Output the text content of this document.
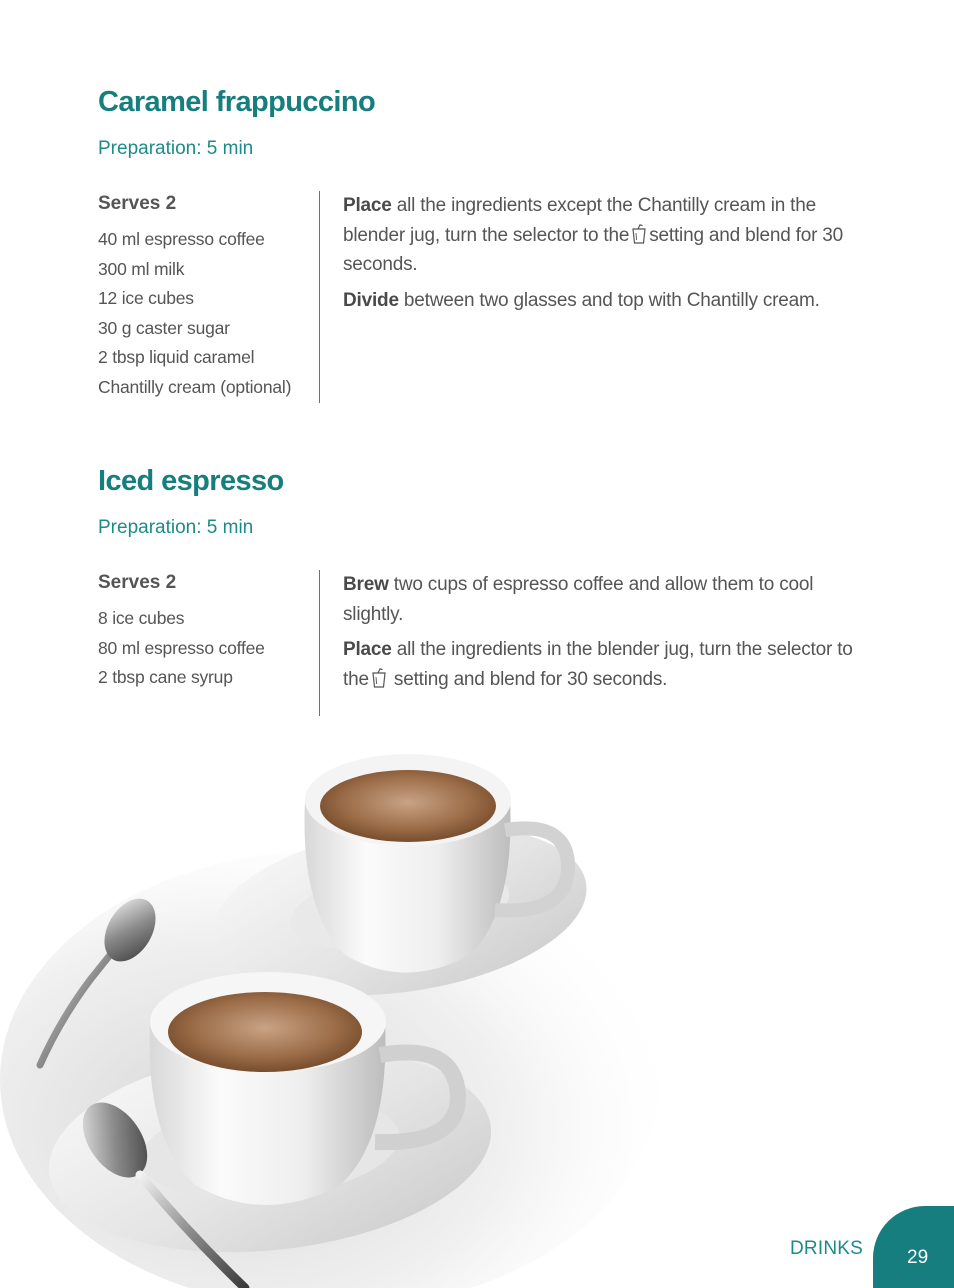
Caramel frappuccino
Preparation: 5 min
Serves 2
40 ml espresso coffee
300 ml milk
12 ice cubes
30 g caster sugar
2 tbsp liquid caramel
Chantilly cream (optional)

Place all the ingredients except the Chantilly cream in the blender jug, turn the selector to the setting and blend for 30 seconds.

Divide between two glasses and top with Chantilly cream.

Iced espresso
Preparation: 5 min
Serves 2
8 ice cubes
80 ml espresso coffee
2 tbsp cane syrup

Brew two cups of espresso coffee and allow them to cool slightly.

Place all the ingredients in the blender jug, turn the selector to the setting and blend for 30 seconds.

DRINKS 29
